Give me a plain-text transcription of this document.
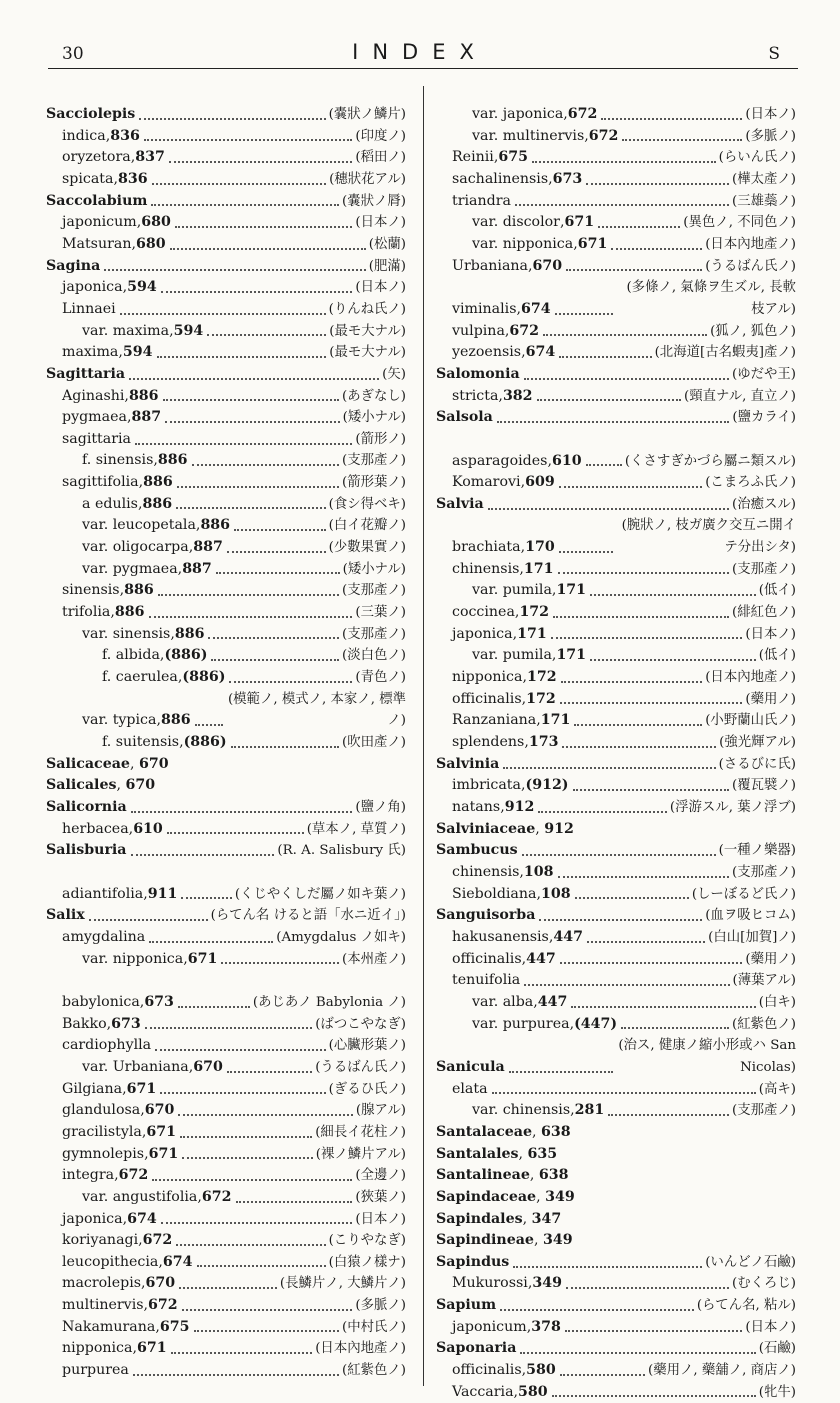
30	INDEX	S
Sacciolepis	(嚢狀ノ鱗片)
indica , 836	(印度ノ)
oryzetora , 837	(稻田ノ)
spicata , 836	(穗狀花アル)
Saccolabium	(嚢狀ノ脣)
japonicum , 680	(日本ノ)
Matsuran , 680	(松蘭)
Sagina	(肥滿)
japonica , 594	(日本ノ)
Linnaei	(りんね氏ノ)
var. maxima , 594	(最モ大ナル)
maxima , 594	(最モ大ナル)
Sagittaria	(矢)
Aginashi , 886	(あぎなし)
pygmaea , 887	(矮小ナル)
sagittaria	(箭形ノ)
f. sinensis , 886	(支那產ノ)
sagittifolia , 886	(箭形葉ノ)
a edulis , 886	(食シ得ベキ)
var. leucopetala , 886	(白イ花瓣ノ)
var. oligocarpa , 887	(少數果實ノ)
var. pygmaea , 887	(矮小ナル)
sinensis , 886	(支那產ノ)
trifolia , 886	(三葉ノ)
var. sinensis , 886	(支那產ノ)
f. albida , (886)	(淡白色ノ)
f. caerulea , (886)	(青色ノ)
var. typica , 886
(模範ノ, 模式ノ, 本家ノ, 標準ノ)
f. suitensis , (886)	(吹田產ノ)
Salicaceae , 670
Salicales , 670
Salicornia	(鹽ノ角)
herbacea , 610	(草本ノ, 草質ノ)
Salisburia	(R. A. Salisbury 氏)
adiantifolia , 911	(くじやくしだ屬ノ如キ葉ノ)
Salix	(らてん名 けると語「水ニ近イ」)
amygdalina	(Amygdalus ノ如キ)
var. nipponica , 671	(本州產ノ)
babylonica , 673	(あじあノ Babylonia ノ)
Bakko , 673	(ばつこやなぎ)
cardiophylla	(心臟形葉ノ)
var. Urbaniana , 670	(うるばん氏ノ)
Gilgiana , 671	(ぎるひ氏ノ)
glandulosa , 670	(腺アル)
gracilistyla , 671	(細長イ花柱ノ)
gymnolepis , 671	(裸ノ鱗片アル)
integra , 672	(全邊ノ)
var. angustifolia , 672	(狹葉ノ)
japonica , 674	(日本ノ)
koriyanagi , 672	(こりやなぎ)
leucopithecia , 674	(白猿ノ樣ナ)
macrolepis , 670	(長鱗片ノ, 大鱗片ノ)
multinervis , 672	(多脈ノ)
Nakamurana , 675	(中村氏ノ)
nipponica , 671	(日本內地產ノ)
purpurea	(紅紫色ノ)
var. japonica , 672	(日本ノ)
var. multinervis , 672	(多脈ノ)
Reinii , 675	(らいん氏ノ)
sachalinensis , 673	(樺太產ノ)
triandra	(三雄蘂ノ)
var. discolor , 671	(異色ノ, 不同色ノ)
var. nipponica , 671	(日本內地產ノ)
Urbaniana , 670	(うるばん氏ノ)
viminalis , 674
(多條ノ, 氣條ヲ生ズル, 長軟枝アル)
vulpina , 672	(狐ノ, 狐色ノ)
yezoensis , 674	(北海道[古名蝦夷]產ノ)
Salomonia	(ゆだや王)
stricta , 382	(頸直ナル, 直立ノ)
Salsola	(鹽カライ)
asparagoides , 610	(くさすぎかづら屬ニ類スル)
Komarovi , 609	(こまろふ氏ノ)
Salvia	(治癒スル)
brachiata , 170
(腕狀ノ, 枝ガ廣ク交互ニ開イテ分出シタ)
chinensis , 171	(支那產ノ)
var. pumila , 171	(低イ)
coccinea , 172	(緋紅色ノ)
japonica , 171	(日本ノ)
var. pumila , 171	(低イ)
nipponica , 172	(日本內地產ノ)
officinalis , 172	(藥用ノ)
Ranzaniana , 171	(小野蘭山氏ノ)
splendens , 173	(強光輝アル)
Salvinia	(さるびに氏)
imbricata , (912)	(覆瓦襞ノ)
natans , 912	(浮游スル, 葉ノ浮ブ)
Salviniaceae , 912
Sambucus	(一種ノ樂器)
chinensis , 108	(支那產ノ)
Sieboldiana , 108	(しーぼるど氏ノ)
Sanguisorba	(血ヲ吸ヒコム)
hakusanensis , 447	(白山[加賀]ノ)
officinalis , 447	(藥用ノ)
tenuifolia	(薄葉アル)
var. alba , 447	(白キ)
var. purpurea , (447)	(紅紫色ノ)
Sanicula
(治ス, 健康ノ縮小形或ハ San Nicolas)
elata	(高キ)
var. chinensis , 281	(支那產ノ)
Santalaceae , 638
Santalales , 635
Santalineae , 638
Sapindaceae , 349
Sapindales , 347
Sapindineae , 349
Sapindus	(いんどノ石鹼)
Mukurossi , 349	(むくろじ)
Sapium	(らてん名, 粘ル)
japonicum , 378	(日本ノ)
Saponaria	(石鹼)
officinalis , 580	(藥用ノ, 藥舖ノ, 商店ノ)
Vaccaria , 580	(牝牛)
